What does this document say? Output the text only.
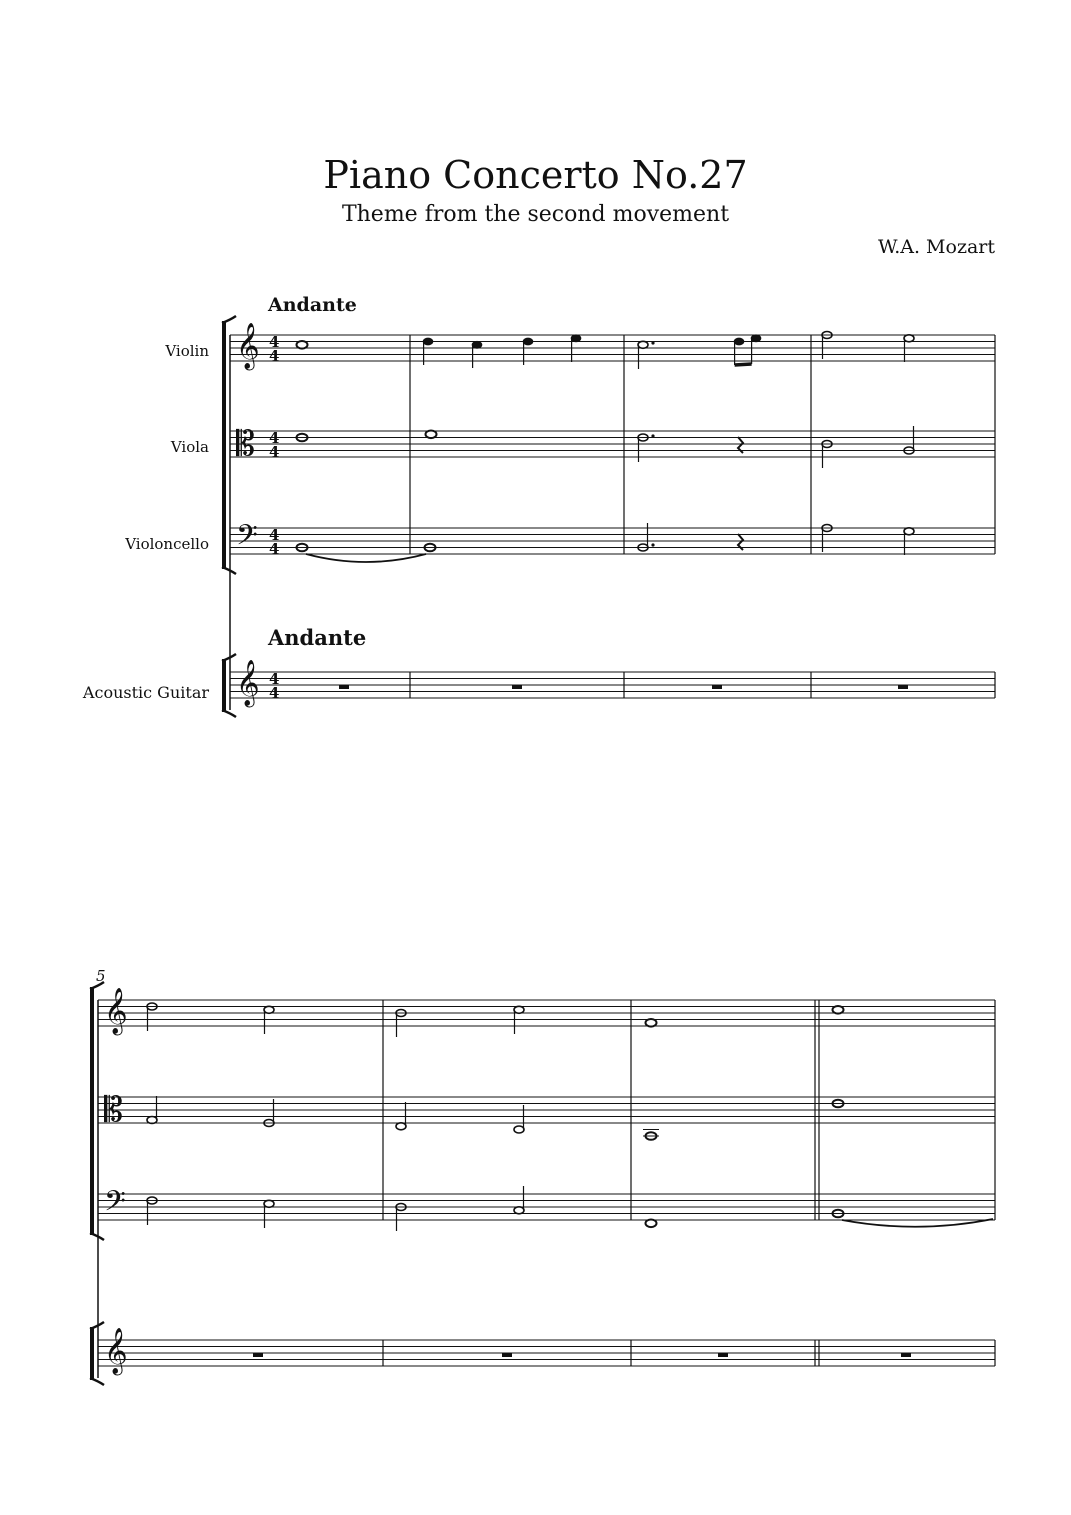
Piano Concerto No.27
Theme from the second movement
W.A. Mozart
Andante
Violin
Viola
Violoncello
Acoustic Guitar
𝄞
𝄡
𝄢
𝄞
4
4
4
4
4
4
4
4
Andante
5
𝄞
𝄡
𝄢
𝄞
